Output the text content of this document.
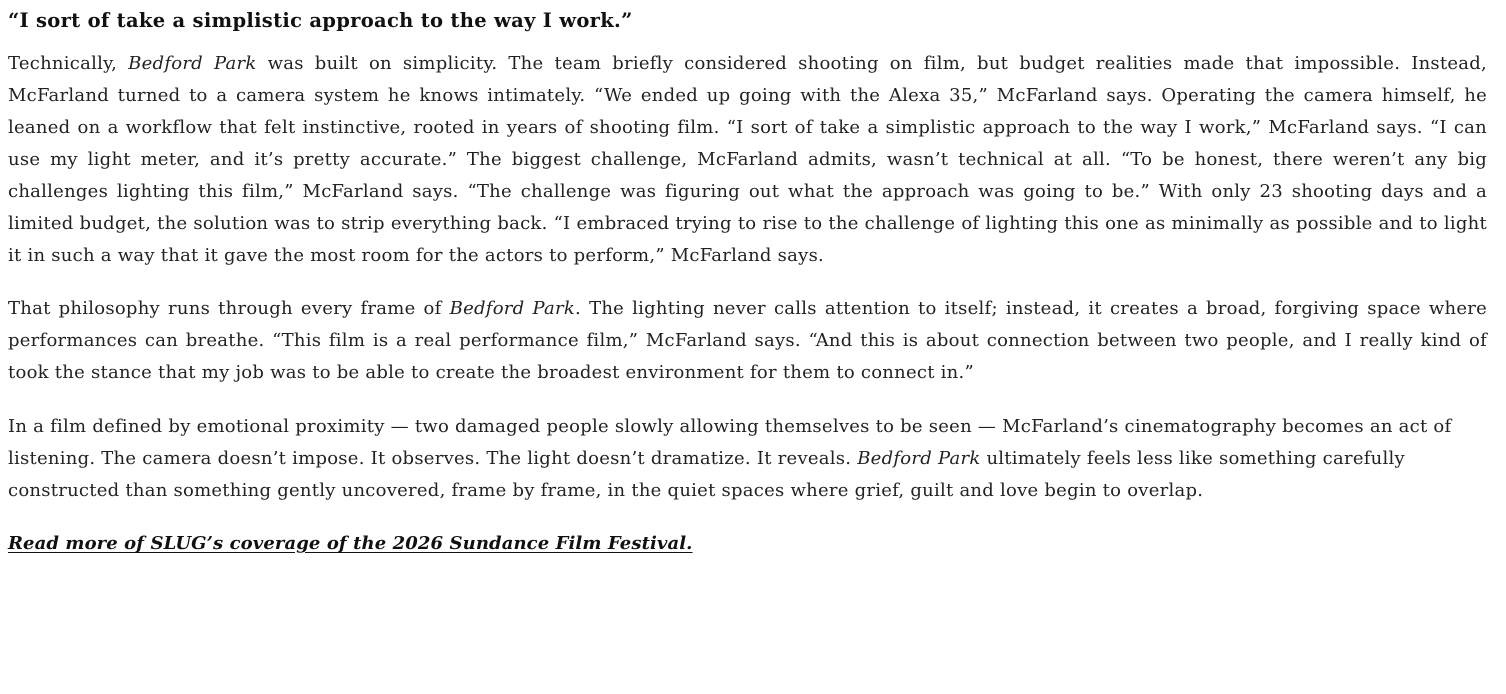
“I sort of take a simplistic approach to the way I work.”

Technically, Bedford Park was built on simplicity. The team briefly considered shooting on film, but budget realities made that impossible. Instead, McFarland turned to a camera system he knows intimately. “We ended up going with the Alexa 35,” McFarland says. Operating the camera himself, he leaned on a workflow that felt instinctive, rooted in years of shooting film. “I sort of take a simplistic approach to the way I work,” McFarland says. “I can use my light meter, and it’s pretty accurate.” The biggest challenge, McFarland admits, wasn’t technical at all. “To be honest, there weren’t any big challenges lighting this film,” McFarland says. “The challenge was figuring out what the approach was going to be.” With only 23 shooting days and a limited budget, the solution was to strip everything back. “I embraced trying to rise to the challenge of lighting this one as minimally as possible and to light it in such a way that it gave the most room for the actors to perform,” McFarland says.

That philosophy runs through every frame of Bedford Park. The lighting never calls attention to itself; instead, it creates a broad, forgiving space where performances can breathe. “This film is a real performance film,” McFarland says. “And this is about connection between two people, and I really kind of took the stance that my job was to be able to create the broadest environment for them to connect in.”

In a film defined by emotional proximity — two damaged people slowly allowing themselves to be seen — McFarland’s cinematography becomes an act of listening. The camera doesn’t impose. It observes. The light doesn’t dramatize. It reveals. Bedford Park ultimately feels less like something carefully constructed than something gently uncovered, frame by frame, in the quiet spaces where grief, guilt and love begin to overlap.

Read more of SLUG’s coverage of the 2026 Sundance Film Festival.
